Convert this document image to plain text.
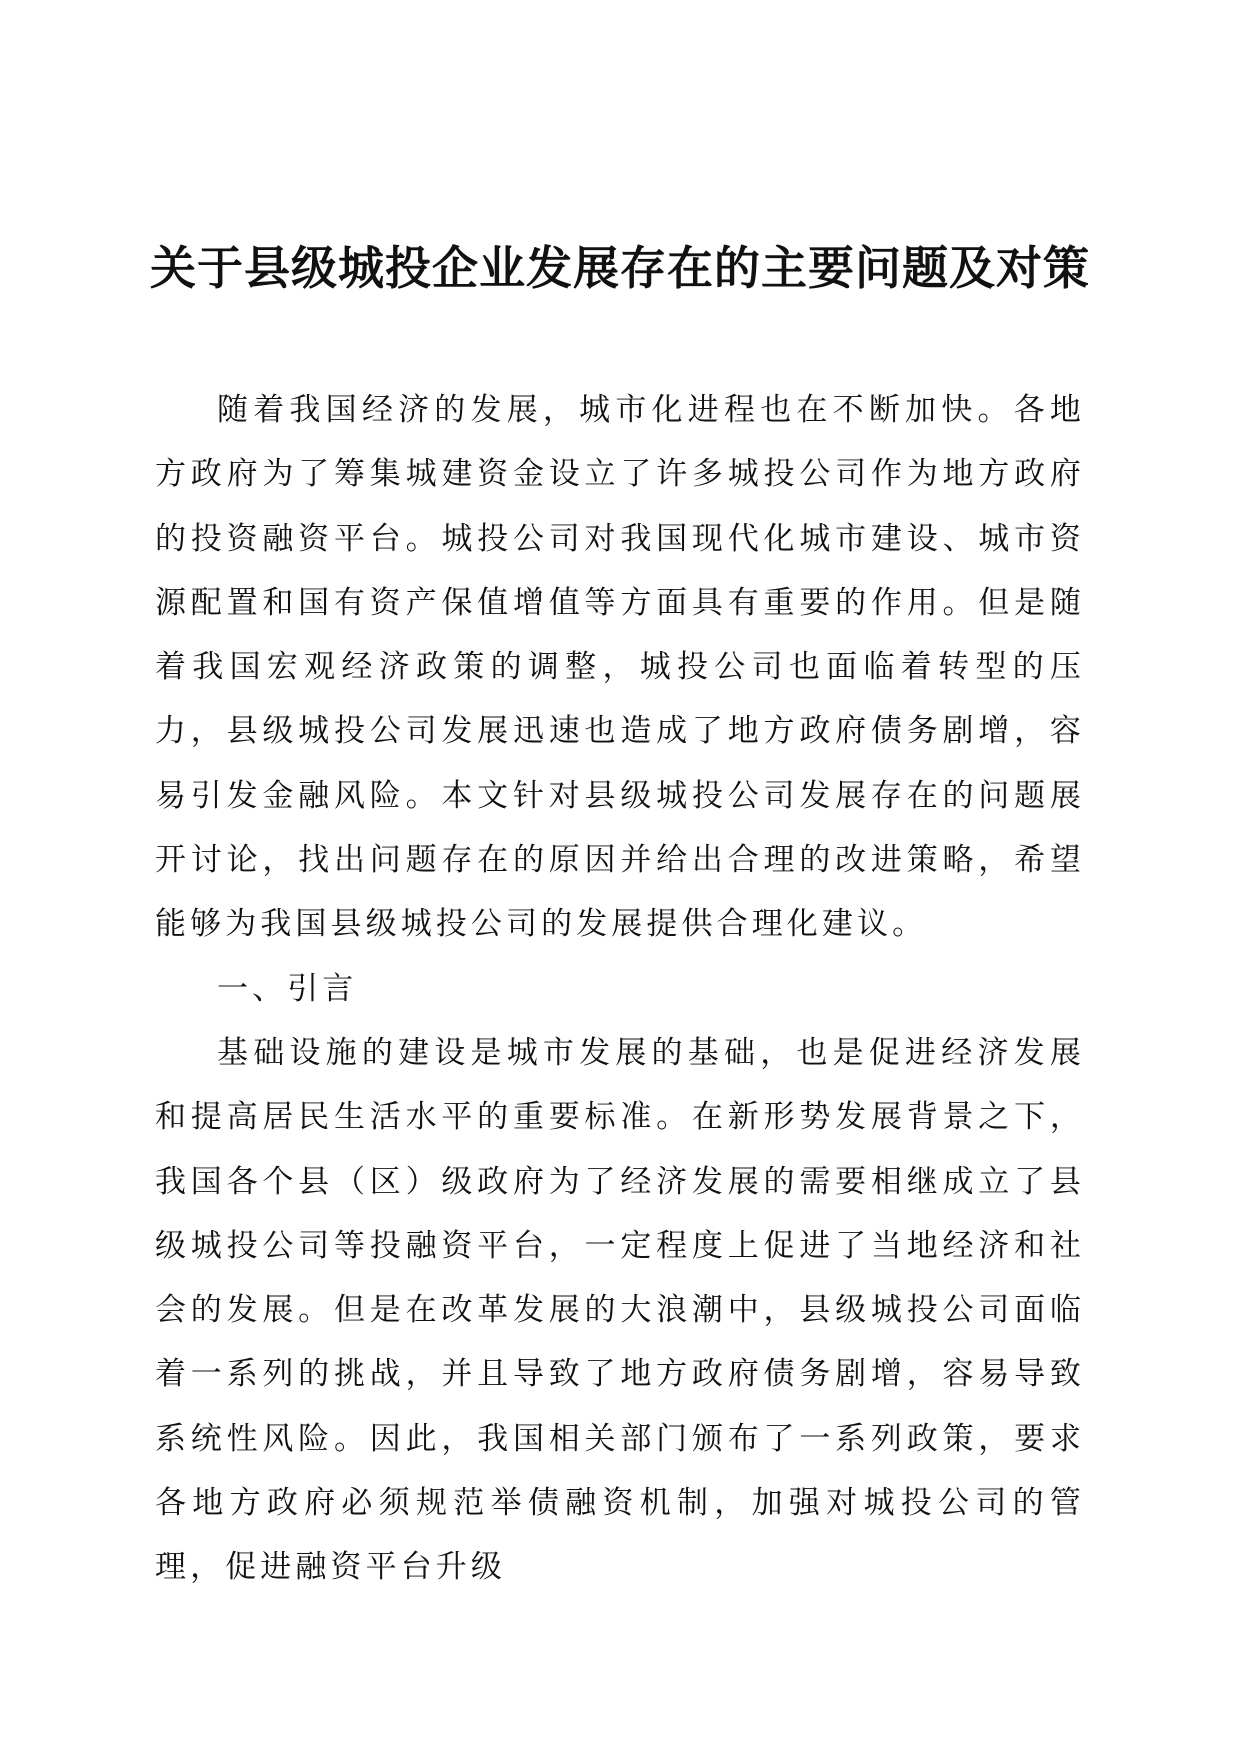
关于县级城投企业发展存在的主要问题及对策

随着我国经济的发展，城市化进程也在不断加快。各地方政府为了筹集城建资金设立了许多城投公司作为地方政府的投资融资平台。城投公司对我国现代化城市建设、城市资源配置和国有资产保值增值等方面具有重要的作用。但是随着我国宏观经济政策的调整，城投公司也面临着转型的压力，县级城投公司发展迅速也造成了地方政府债务剧增，容易引发金融风险。本文针对县级城投公司发展存在的问题展开讨论，找出问题存在的原因并给出合理的改进策略，希望能够为我国县级城投公司的发展提供合理化建议。

一、引言

基础设施的建设是城市发展的基础，也是促进经济发展和提高居民生活水平的重要标准。在新形势发展背景之下，我国各个县（区）级政府为了经济发展的需要相继成立了县级城投公司等投融资平台，一定程度上促进了当地经济和社会的发展。但是在改革发展的大浪潮中，县级城投公司面临着一系列的挑战，并且导致了地方政府债务剧增，容易导致系统性风险。因此，我国相关部门颁布了一系列政策，要求各地方政府必须规范举债融资机制，加强对城投公司的管理，促进融资平台升级
